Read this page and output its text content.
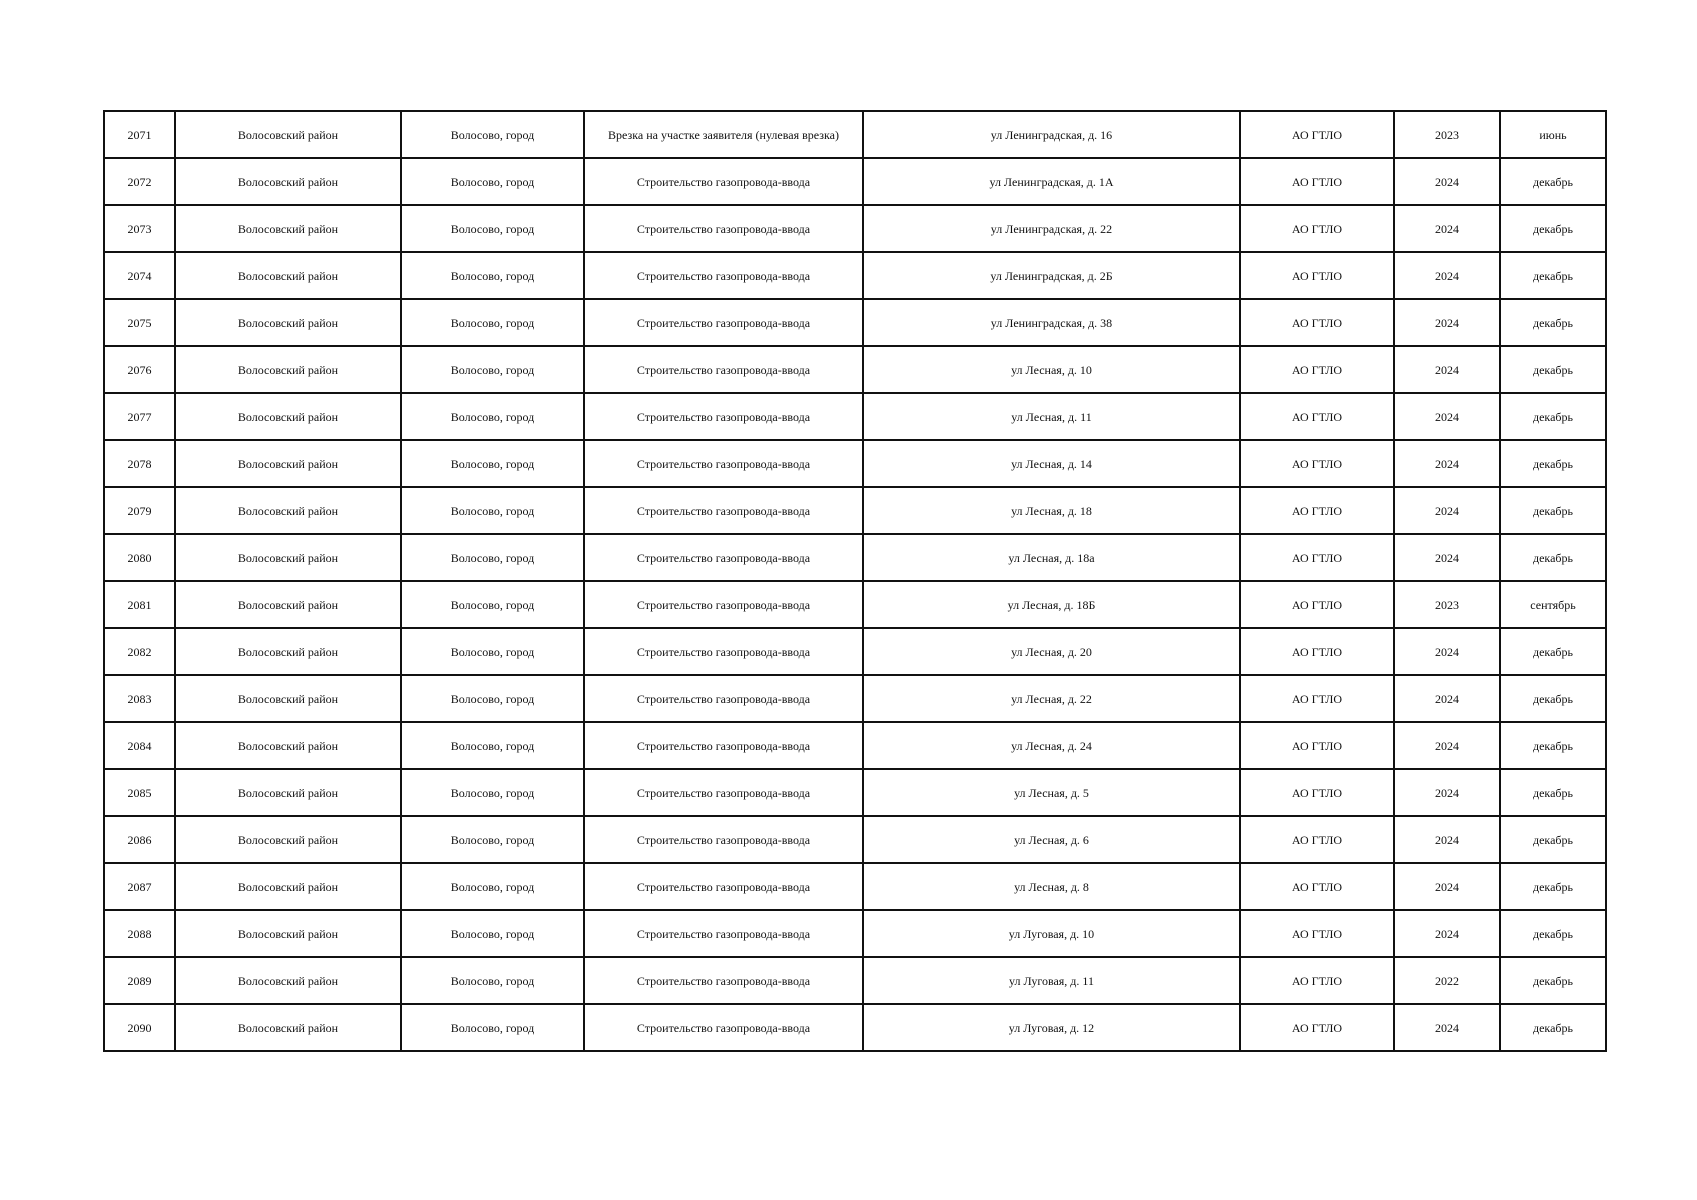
2071	Волосовский район	Волосово, город	Врезка на участке заявителя (нулевая врезка)	ул Ленинградская, д. 16	АО ГТЛО	2023	июнь
2072	Волосовский район	Волосово, город	Строительство газопровода-ввода	ул Ленинградская, д. 1А	АО ГТЛО	2024	декабрь
2073	Волосовский район	Волосово, город	Строительство газопровода-ввода	ул Ленинградская, д. 22	АО ГТЛО	2024	декабрь
2074	Волосовский район	Волосово, город	Строительство газопровода-ввода	ул Ленинградская, д. 2Б	АО ГТЛО	2024	декабрь
2075	Волосовский район	Волосово, город	Строительство газопровода-ввода	ул Ленинградская, д. 38	АО ГТЛО	2024	декабрь
2076	Волосовский район	Волосово, город	Строительство газопровода-ввода	ул Лесная, д. 10	АО ГТЛО	2024	декабрь
2077	Волосовский район	Волосово, город	Строительство газопровода-ввода	ул Лесная, д. 11	АО ГТЛО	2024	декабрь
2078	Волосовский район	Волосово, город	Строительство газопровода-ввода	ул Лесная, д. 14	АО ГТЛО	2024	декабрь
2079	Волосовский район	Волосово, город	Строительство газопровода-ввода	ул Лесная, д. 18	АО ГТЛО	2024	декабрь
2080	Волосовский район	Волосово, город	Строительство газопровода-ввода	ул Лесная, д. 18а	АО ГТЛО	2024	декабрь
2081	Волосовский район	Волосово, город	Строительство газопровода-ввода	ул Лесная, д. 18Б	АО ГТЛО	2023	сентябрь
2082	Волосовский район	Волосово, город	Строительство газопровода-ввода	ул Лесная, д. 20	АО ГТЛО	2024	декабрь
2083	Волосовский район	Волосово, город	Строительство газопровода-ввода	ул Лесная, д. 22	АО ГТЛО	2024	декабрь
2084	Волосовский район	Волосово, город	Строительство газопровода-ввода	ул Лесная, д. 24	АО ГТЛО	2024	декабрь
2085	Волосовский район	Волосово, город	Строительство газопровода-ввода	ул Лесная, д. 5	АО ГТЛО	2024	декабрь
2086	Волосовский район	Волосово, город	Строительство газопровода-ввода	ул Лесная, д. 6	АО ГТЛО	2024	декабрь
2087	Волосовский район	Волосово, город	Строительство газопровода-ввода	ул Лесная, д. 8	АО ГТЛО	2024	декабрь
2088	Волосовский район	Волосово, город	Строительство газопровода-ввода	ул Луговая, д. 10	АО ГТЛО	2024	декабрь
2089	Волосовский район	Волосово, город	Строительство газопровода-ввода	ул Луговая, д. 11	АО ГТЛО	2022	декабрь
2090	Волосовский район	Волосово, город	Строительство газопровода-ввода	ул Луговая, д. 12	АО ГТЛО	2024	декабрь
